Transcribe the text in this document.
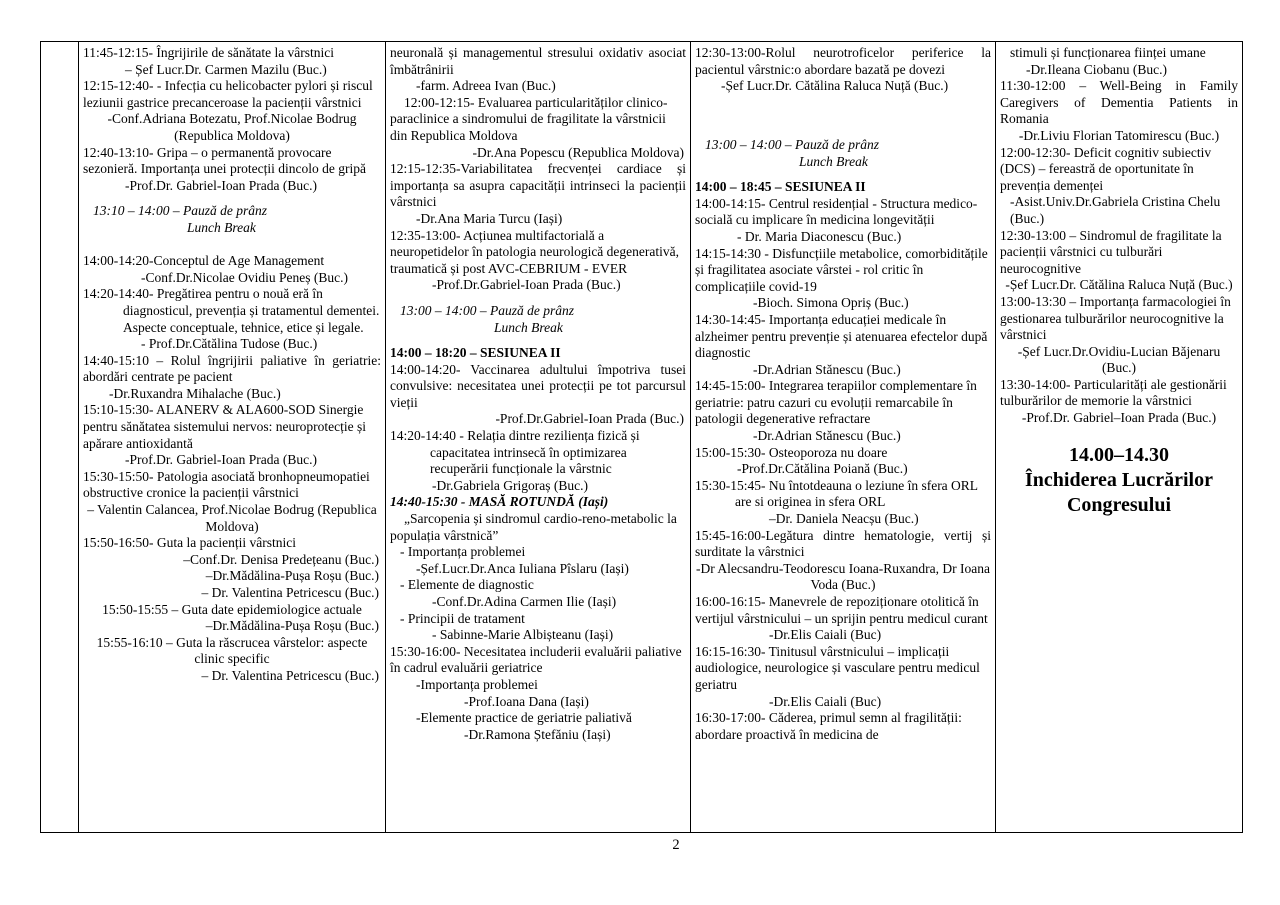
11:45-12:15- Îngrijirile de sănătate la vârstnici
– Șef Lucr.Dr. Carmen Mazilu (Buc.)
12:15-12:40- - Infecția cu helicobacter pylori și riscul leziunii gastrice precanceroase la pacienții vârstnici
-Conf.Adriana Botezatu, Prof.Nicolae Bodrug (Republica Moldova)
12:40-13:10- Gripa – o permanentă provocare sezonieră. Importanța unei protecții dincolo de gripă
-Prof.Dr. Gabriel-Ioan Prada (Buc.)
13:10 – 14:00 – Pauză de prânz
Lunch Break

14:00-14:20-Conceptul de Age Management
-Conf.Dr.Nicolae Ovidiu Peneș (Buc.)
14:20-14:40- Pregătirea pentru o nouă eră în diagnosticul, prevenția și tratamentul dementei. Aspecte conceptuale, tehnice, etice și legale.
- Prof.Dr.Cătălina Tudose (Buc.)
14:40-15:10 – Rolul îngrijirii paliative în geriatrie: abordări centrate pe pacient
-Dr.Ruxandra Mihalache (Buc.)
15:10-15:30- ALANERV & ALA600-SOD Sinergie pentru sănătatea sistemului nervos: neuroprotecție și apărare antioxidantă
-Prof.Dr. Gabriel-Ioan Prada (Buc.)
15:30-15:50- Patologia asociată bronhopneumopatiei obstructive cronice la pacienții vârstnici
– Valentin Calancea, Prof.Nicolae Bodrug (Republica Moldova)
15:50-16:50- Guta la pacienții vârstnici
–Conf.Dr. Denisa Predețeanu (Buc.)
–Dr.Mădălina-Pușa Roșu (Buc.)
– Dr. Valentina Petricescu (Buc.)
15:50-15:55 – Guta date epidemiologice actuale
–Dr.Mădălina-Pușa Roșu (Buc.)
15:55-16:10 – Guta la răscrucea vârstelor: aspecte clinic specific
– Dr. Valentina Petricescu (Buc.)
neuronală și managementul stresului oxidativ asociat îmbătrânirii
-farm. Adreea Ivan (Buc.)
12:00-12:15- Evaluarea particularităților clinico-paraclinice a sindromului de fragilitate la vârstnicii din Republica Moldova
-Dr.Ana Popescu (Republica Moldova)
12:15-12:35-Variabilitatea frecvenței cardiace și importanța sa asupra capacității intrinseci la pacienții vârstnici
-Dr.Ana Maria Turcu (Iași)
12:35-13:00- Acțiunea multifactorială a neuropetidelor în patologia neurologică degenerativă, traumatică și post AVC-CEBRIUM - EVER
-Prof.Dr.Gabriel-Ioan Prada (Buc.)
13:00 – 14:00 – Pauză de prânz
Lunch Break
14:00 – 18:20 – SESIUNEA II
14:00-14:20- Vaccinarea adultului împotriva tusei convulsive: necesitatea unei protecții pe tot parcursul vieții
-Prof.Dr.Gabriel-Ioan Prada (Buc.)
14:20-14:40 - Relația dintre reziliența fizică și capacitatea intrinsecă în optimizarea recuperării funcționale la vârstnic
-Dr.Gabriela Grigoraș (Buc.)
14:40-15:30 - MASĂ ROTUNDĂ (Iași)
„Sarcopenia și sindromul cardio-reno-metabolic la populația vârstnică”
- Importanța problemei
-Șef.Lucr.Dr.Anca Iuliana Pîslaru (Iași)
- Elemente de diagnostic
-Conf.Dr.Adina Carmen Ilie (Iași)
- Principii de tratament
- Sabinne-Marie Albișteanu (Iași)
15:30-16:00- Necesitatea includerii evaluării paliative în cadrul evaluării geriatrice
-Importanța problemei
-Prof.Ioana Dana (Iași)
-Elemente practice de geriatrie paliativă
-Dr.Ramona Ștefăniu (Iași)
12:30-13:00-Rolul neurotroficelor periferice la pacientul vârstnic:o abordare bazată pe dovezi
-Șef Lucr.Dr. Cătălina Raluca Nuță (Buc.)

13:00 – 14:00 – Pauză de prânz
Lunch Break
14:00 – 18:45 – SESIUNEA II
14:00-14:15- Centrul residențial - Structura medico-socială cu implicare în medicina longevității
- Dr. Maria Diaconescu (Buc.)
14:15-14:30 - Disfuncțiile metabolice, comorbiditățile și fragilitatea asociate vârstei - rol critic în complicațiile covid-19
-Bioch. Simona Opriș (Buc.)
14:30-14:45- Importanța educației medicale în alzheimer pentru prevenție și atenuarea efectelor după diagnostic
-Dr.Adrian Stănescu (Buc.)
14:45-15:00- Integrarea terapiilor complementare în geriatrie: patru cazuri cu evoluții remarcabile în patologii degenerative refractare
-Dr.Adrian Stănescu (Buc.)
15:00-15:30- Osteoporoza nu doare
-Prof.Dr.Cătălina Poiană (Buc.)
15:30-15:45- Nu întotdeauna o leziune în sfera ORL are si originea in sfera ORL
–Dr. Daniela Neacșu (Buc.)
15:45-16:00-Legătura dintre hematologie, vertij și surditate la vârstnici
-Dr Alecsandru-Teodorescu Ioana-Ruxandra, Dr Ioana Voda (Buc.)
16:00-16:15- Manevrele de repoziționare otolitică în vertijul vârstnicului – un sprijin pentru medicul curant
-Dr.Elis Caiali (Buc)
16:15-16:30- Tinitusul vârstnicului – implicații audiologice, neurologice și vasculare pentru medicul geriatru
-Dr.Elis Caiali (Buc)
16:30-17:00- Căderea, primul semn al fragilității: abordare proactivă în medicina de
stimuli și funcționarea ființei umane
-Dr.Ileana Ciobanu (Buc.)
11:30-12:00 – Well-Being in Family Caregivers of Dementia Patients in Romania
-Dr.Liviu Florian Tatomirescu (Buc.)
12:00-12:30- Deficit cognitiv subiectiv (DCS) – fereastră de oportunitate în prevenția demenței
-Asist.Univ.Dr.Gabriela Cristina Chelu (Buc.)
12:30-13:00 – Sindromul de fragilitate la pacienții vârstnici cu tulburări neurocognitive
-Șef Lucr.Dr. Cătălina Raluca Nuță (Buc.)
13:00-13:30 – Importanța farmacologiei în gestionarea tulburărilor neurocognitive la vârstnici
-Șef Lucr.Dr.Ovidiu-Lucian Băjenaru (Buc.)
13:30-14:00- Particularități ale gestionării tulburărilor de memorie la vârstnici
-Prof.Dr. Gabriel–Ioan Prada (Buc.)

14.00–14.30
Închiderea Lucrărilor Congresului
2
